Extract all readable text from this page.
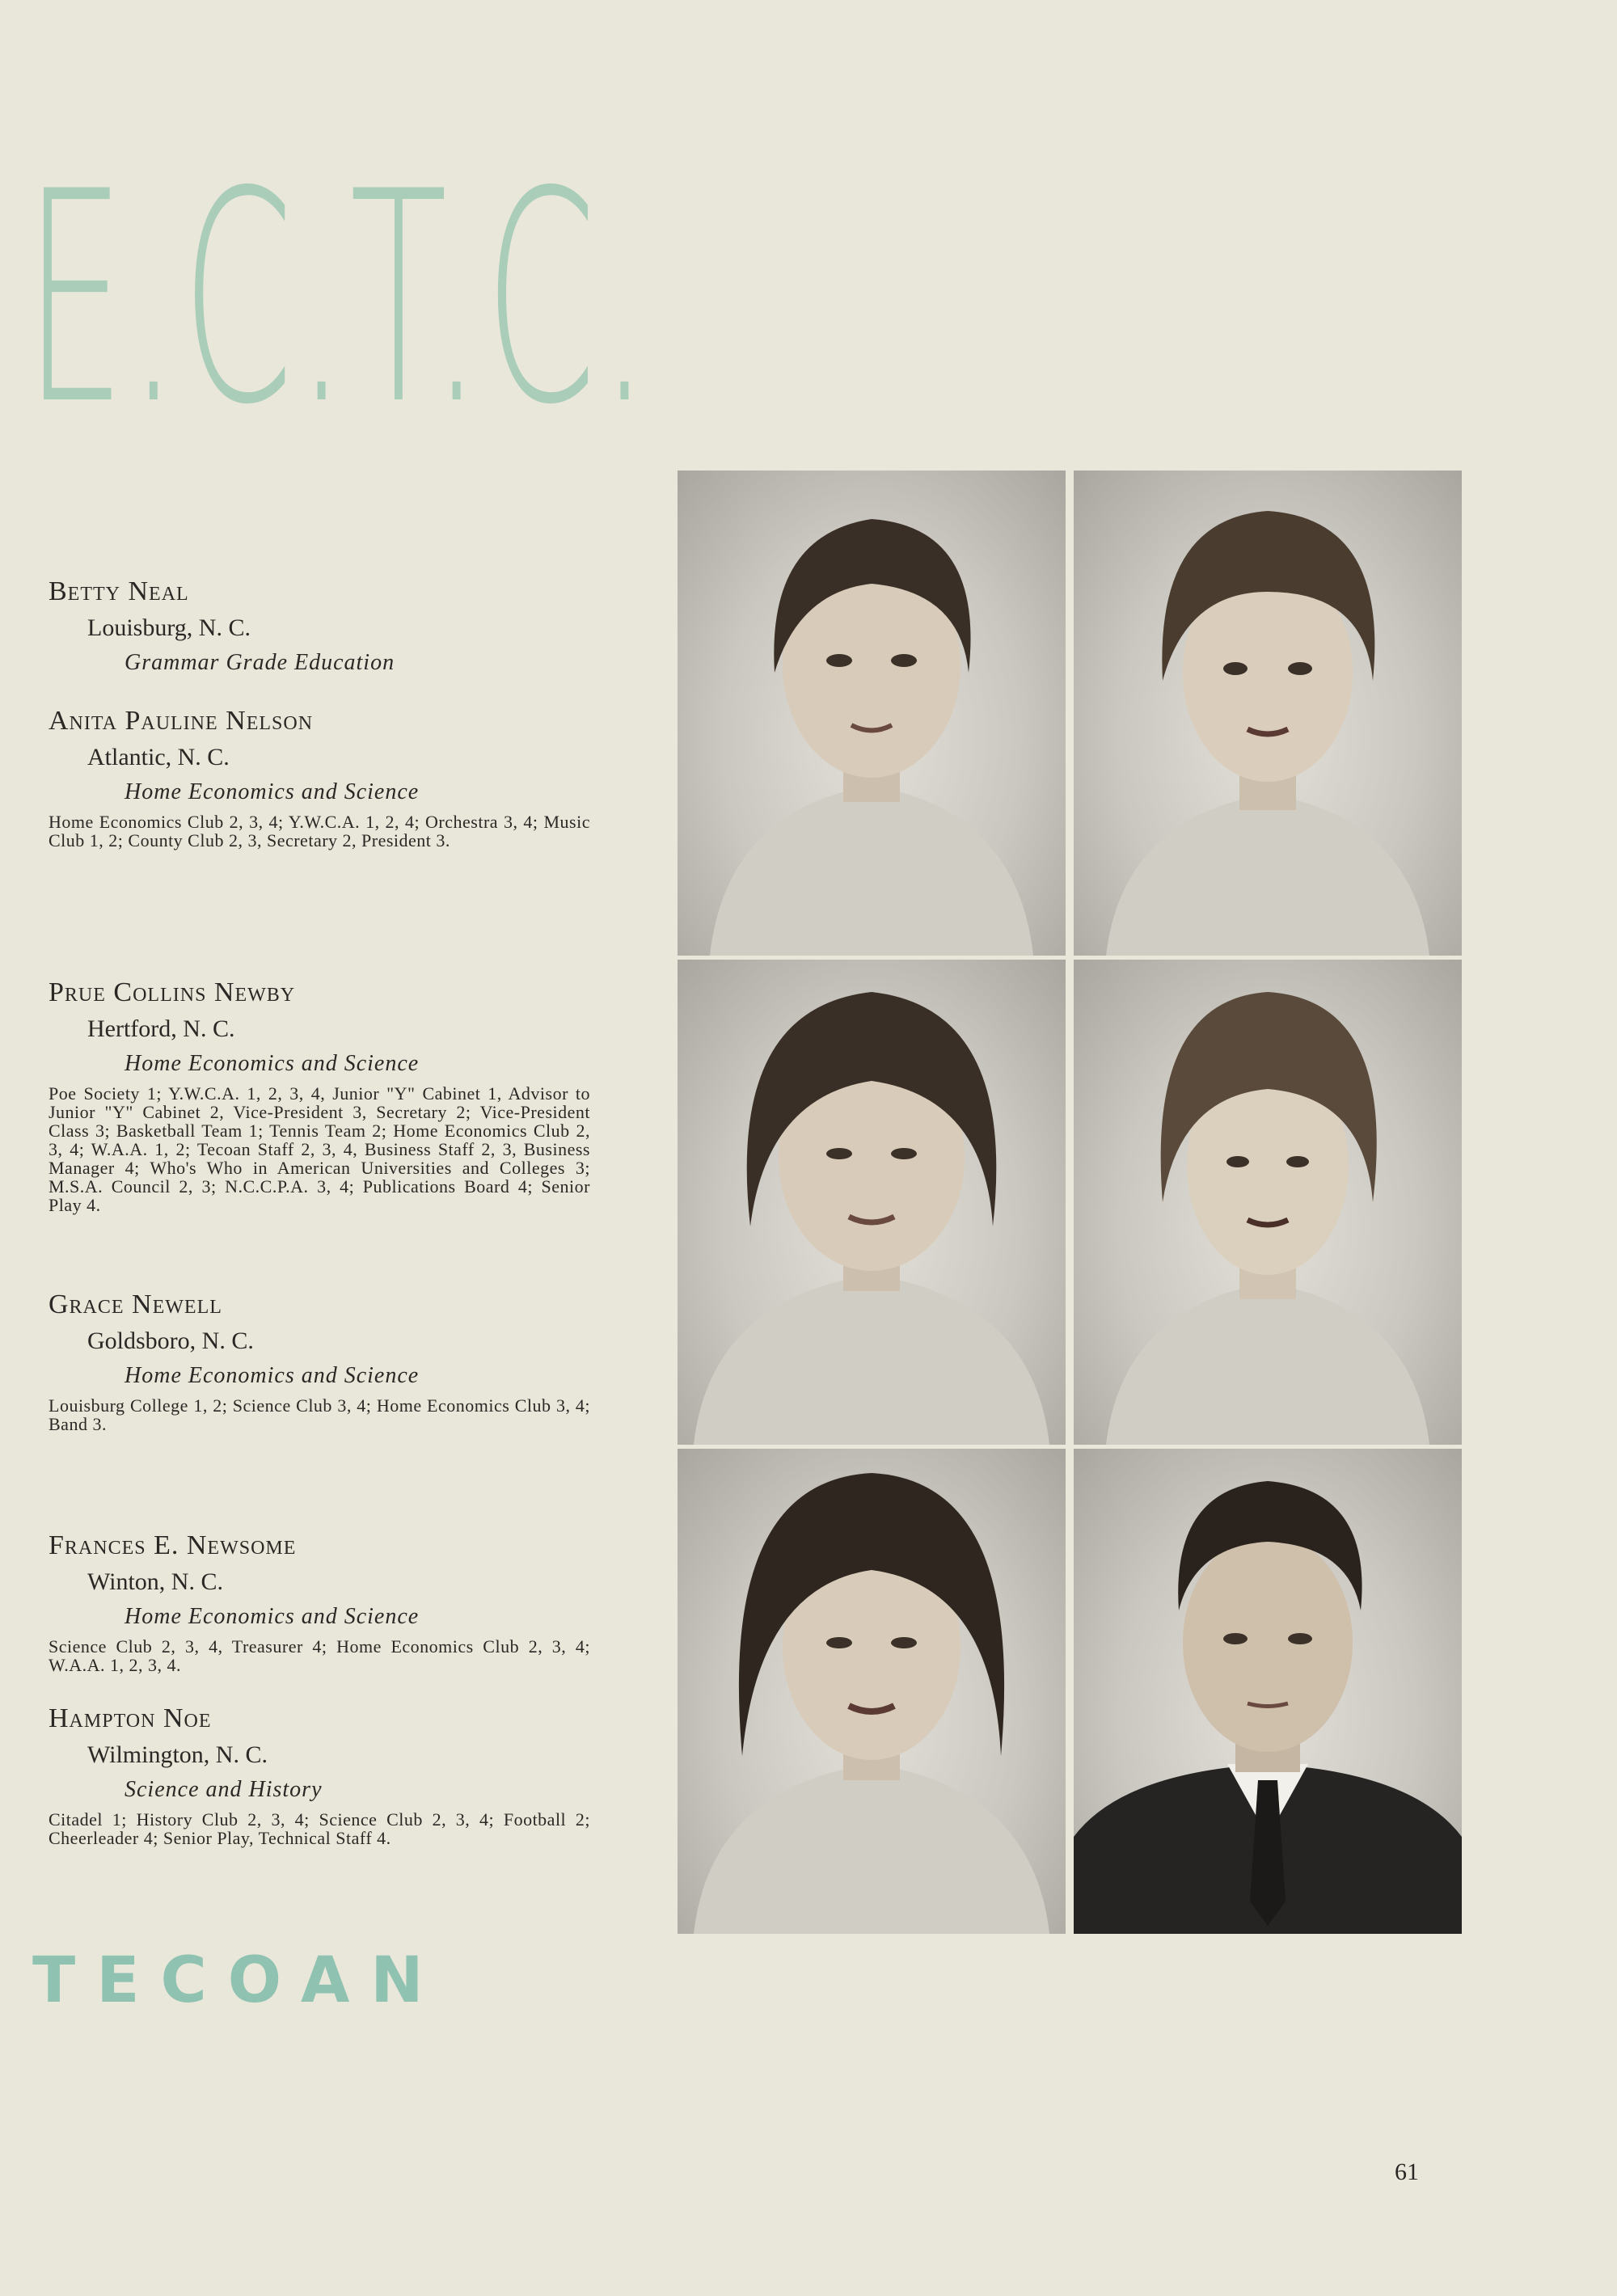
E.C.T.C.

Betty Neal

Louisburg, N. C.

Grammar Grade Education

Anita Pauline Nelson

Atlantic, N. C.

Home Economics and Science

Home Economics Club 2, 3, 4; Y.W.C.A. 1, 2, 4; Orchestra 3, 4; Music Club 1, 2; County Club 2, 3, Secretary 2, President 3.

Prue Collins Newby

Hertford, N. C.

Home Economics and Science

Poe Society 1; Y.W.C.A. 1, 2, 3, 4, Junior "Y" Cabinet 1, Advisor to Junior "Y" Cabinet 2, Vice-President 3, Secretary 2; Vice-President Class 3; Basketball Team 1; Tennis Team 2; Home Economics Club 2, 3, 4; W.A.A. 1, 2; Tecoan Staff 2, 3, 4, Business Staff 2, 3, Business Manager 4; Who's Who in American Universities and Colleges 3; M.S.A. Council 2, 3; N.C.C.P.A. 3, 4; Publications Board 4; Senior Play 4.

Grace Newell

Goldsboro, N. C.

Home Economics and Science

Louisburg College 1, 2; Science Club 3, 4; Home Economics Club 3, 4; Band 3.

Frances E. Newsome

Winton, N. C.

Home Economics and Science

Science Club 2, 3, 4, Treasurer 4; Home Economics Club 2, 3, 4; W.A.A. 1, 2, 3, 4.

Hampton Noe

Wilmington, N. C.

Science and History

Citadel 1; History Club 2, 3, 4; Science Club 2, 3, 4; Football 2; Cheerleader 4; Senior Play, Technical Staff 4.

TECOAN
61
